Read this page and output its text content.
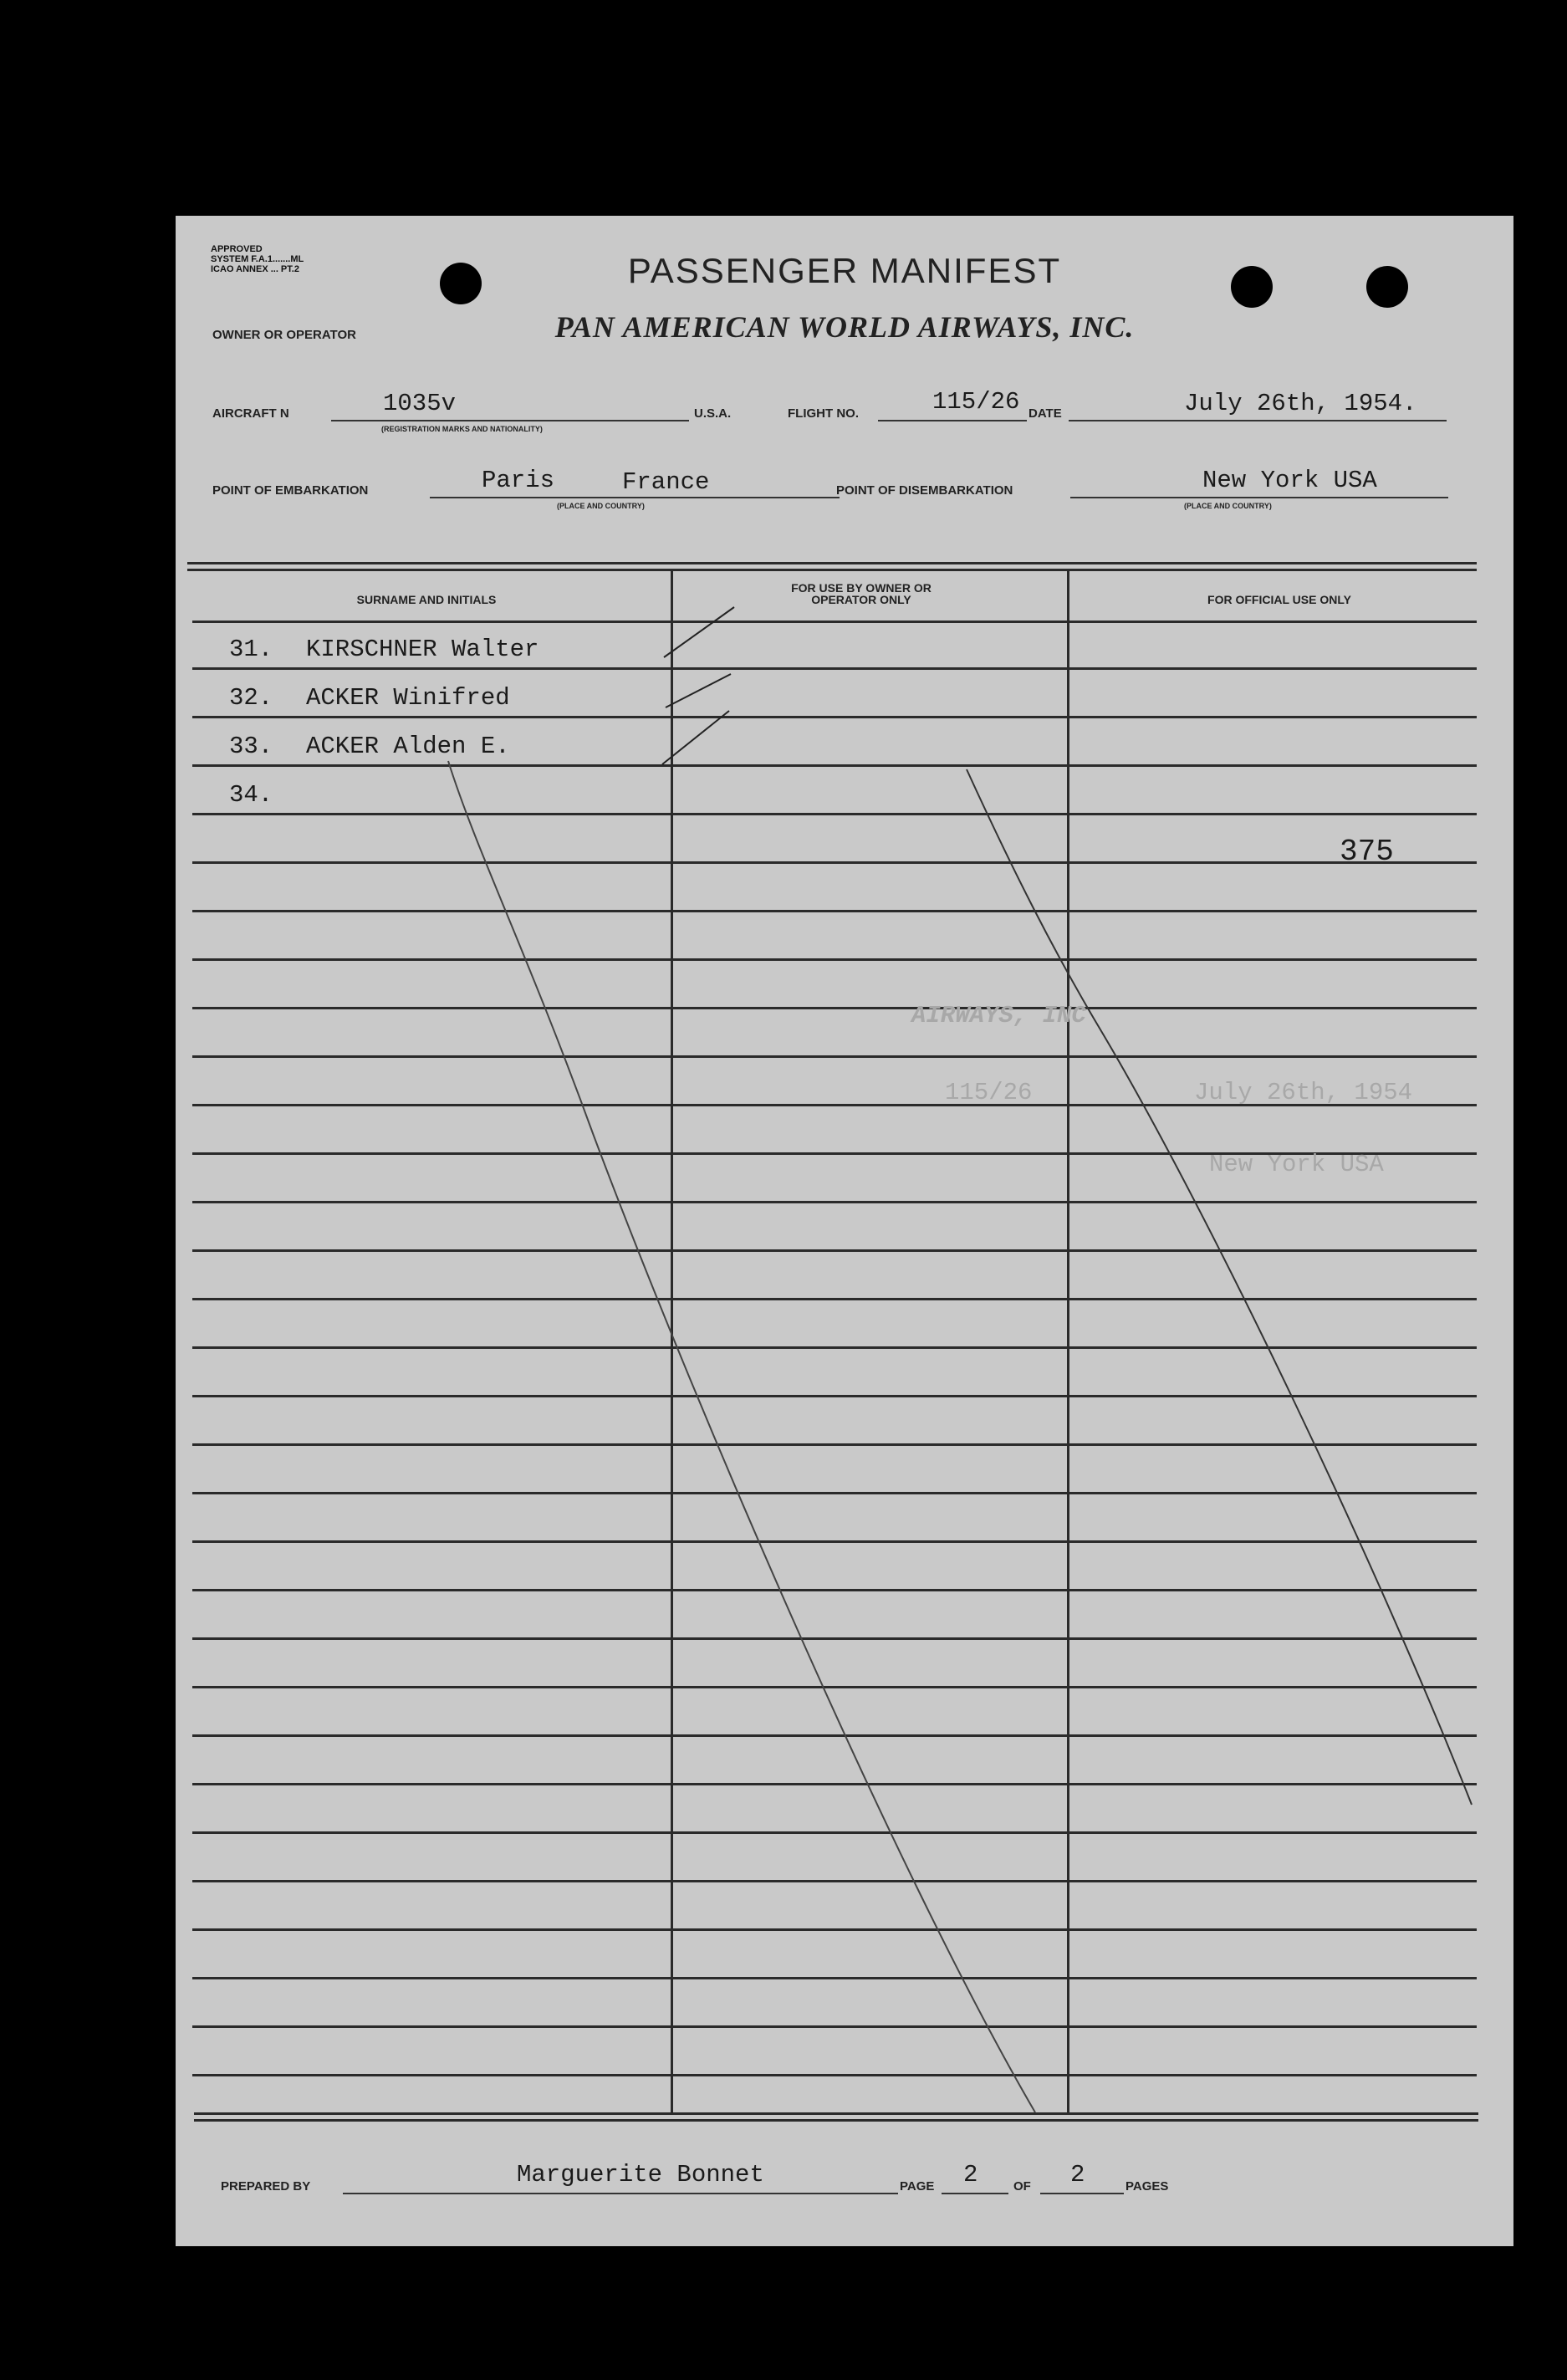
APPROVED
SYSTEM F.A.1.......ML
ICAO ANNEX ... PT.2	PASSENGER MANIFEST
OWNER OR OPERATOR	PAN AMERICAN WORLD AIRWAYS, INC.
AIRCRAFT N	1035v
(REGISTRATION MARKS AND NATIONALITY)
U.S.A.	FLIGHT NO.	115/26 DATE	July 26th, 1954.
POINT OF EMBARKATION	Paris	France
(PLACE AND COUNTRY)
POINT OF DISEMBARKATION	New York USA
(PLACE AND COUNTRY)
SURNAME AND INITIALS
FOR USE BY OWNER OR OPERATOR ONLY	FOR OFFICIAL USE ONLY
31. KIRSCHNER Walter
32. ACKER Winifred
33. ACKER Alden E.
34.
375
AIRWAYS, INC
115/26	July 26th, 1954
New York USA
PREPARED BY	Marguerite Bonnet	PAGE 2	OF 2	PAGES
